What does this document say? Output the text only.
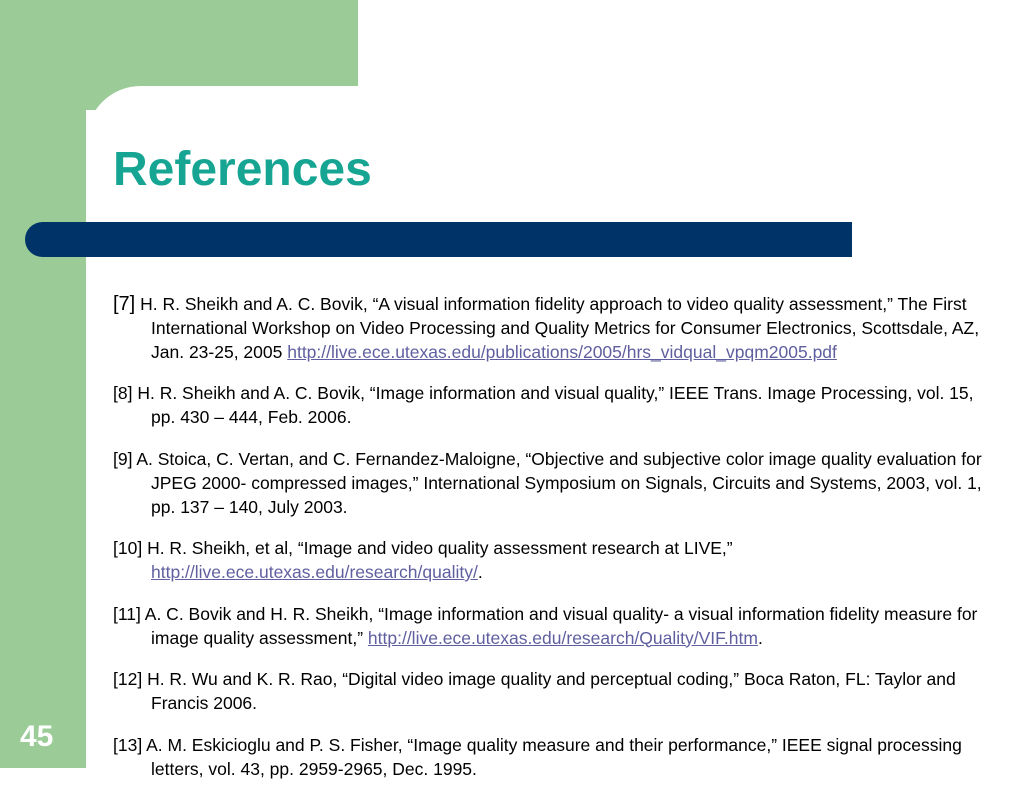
References

[7] H. R. Sheikh and A. C. Bovik, “A visual information fidelity approach to video quality assessment,” The First International Workshop on Video Processing and Quality Metrics for Consumer Electronics, Scottsdale, AZ, Jan. 23-25, 2005 http://live.ece.utexas.edu/publications/2005/hrs_vidqual_vpqm2005.pdf

[8] H. R. Sheikh and A. C. Bovik, “Image information and visual quality,” IEEE Trans. Image Processing, vol. 15, pp. 430 – 444, Feb. 2006.

[9] A. Stoica, C. Vertan, and C. Fernandez-Maloigne, “Objective and subjective color image quality evaluation for JPEG 2000- compressed images,” International Symposium on Signals, Circuits and Systems, 2003, vol. 1, pp. 137 – 140, July 2003.

[10] H. R. Sheikh, et al, “Image and video quality assessment research at LIVE,” http://live.ece.utexas.edu/research/quality/.

[11] A. C. Bovik and H. R. Sheikh, “Image information and visual quality- a visual information fidelity measure for image quality assessment,” http://live.ece.utexas.edu/research/Quality/VIF.htm.

[12] H. R. Wu and K. R. Rao, “Digital video image quality and perceptual coding,” Boca Raton, FL: Taylor and Francis 2006.

[13] A. M. Eskicioglu and P. S. Fisher, “Image quality measure and their performance,” IEEE signal processing letters, vol. 43, pp. 2959-2965, Dec. 1995.

45
